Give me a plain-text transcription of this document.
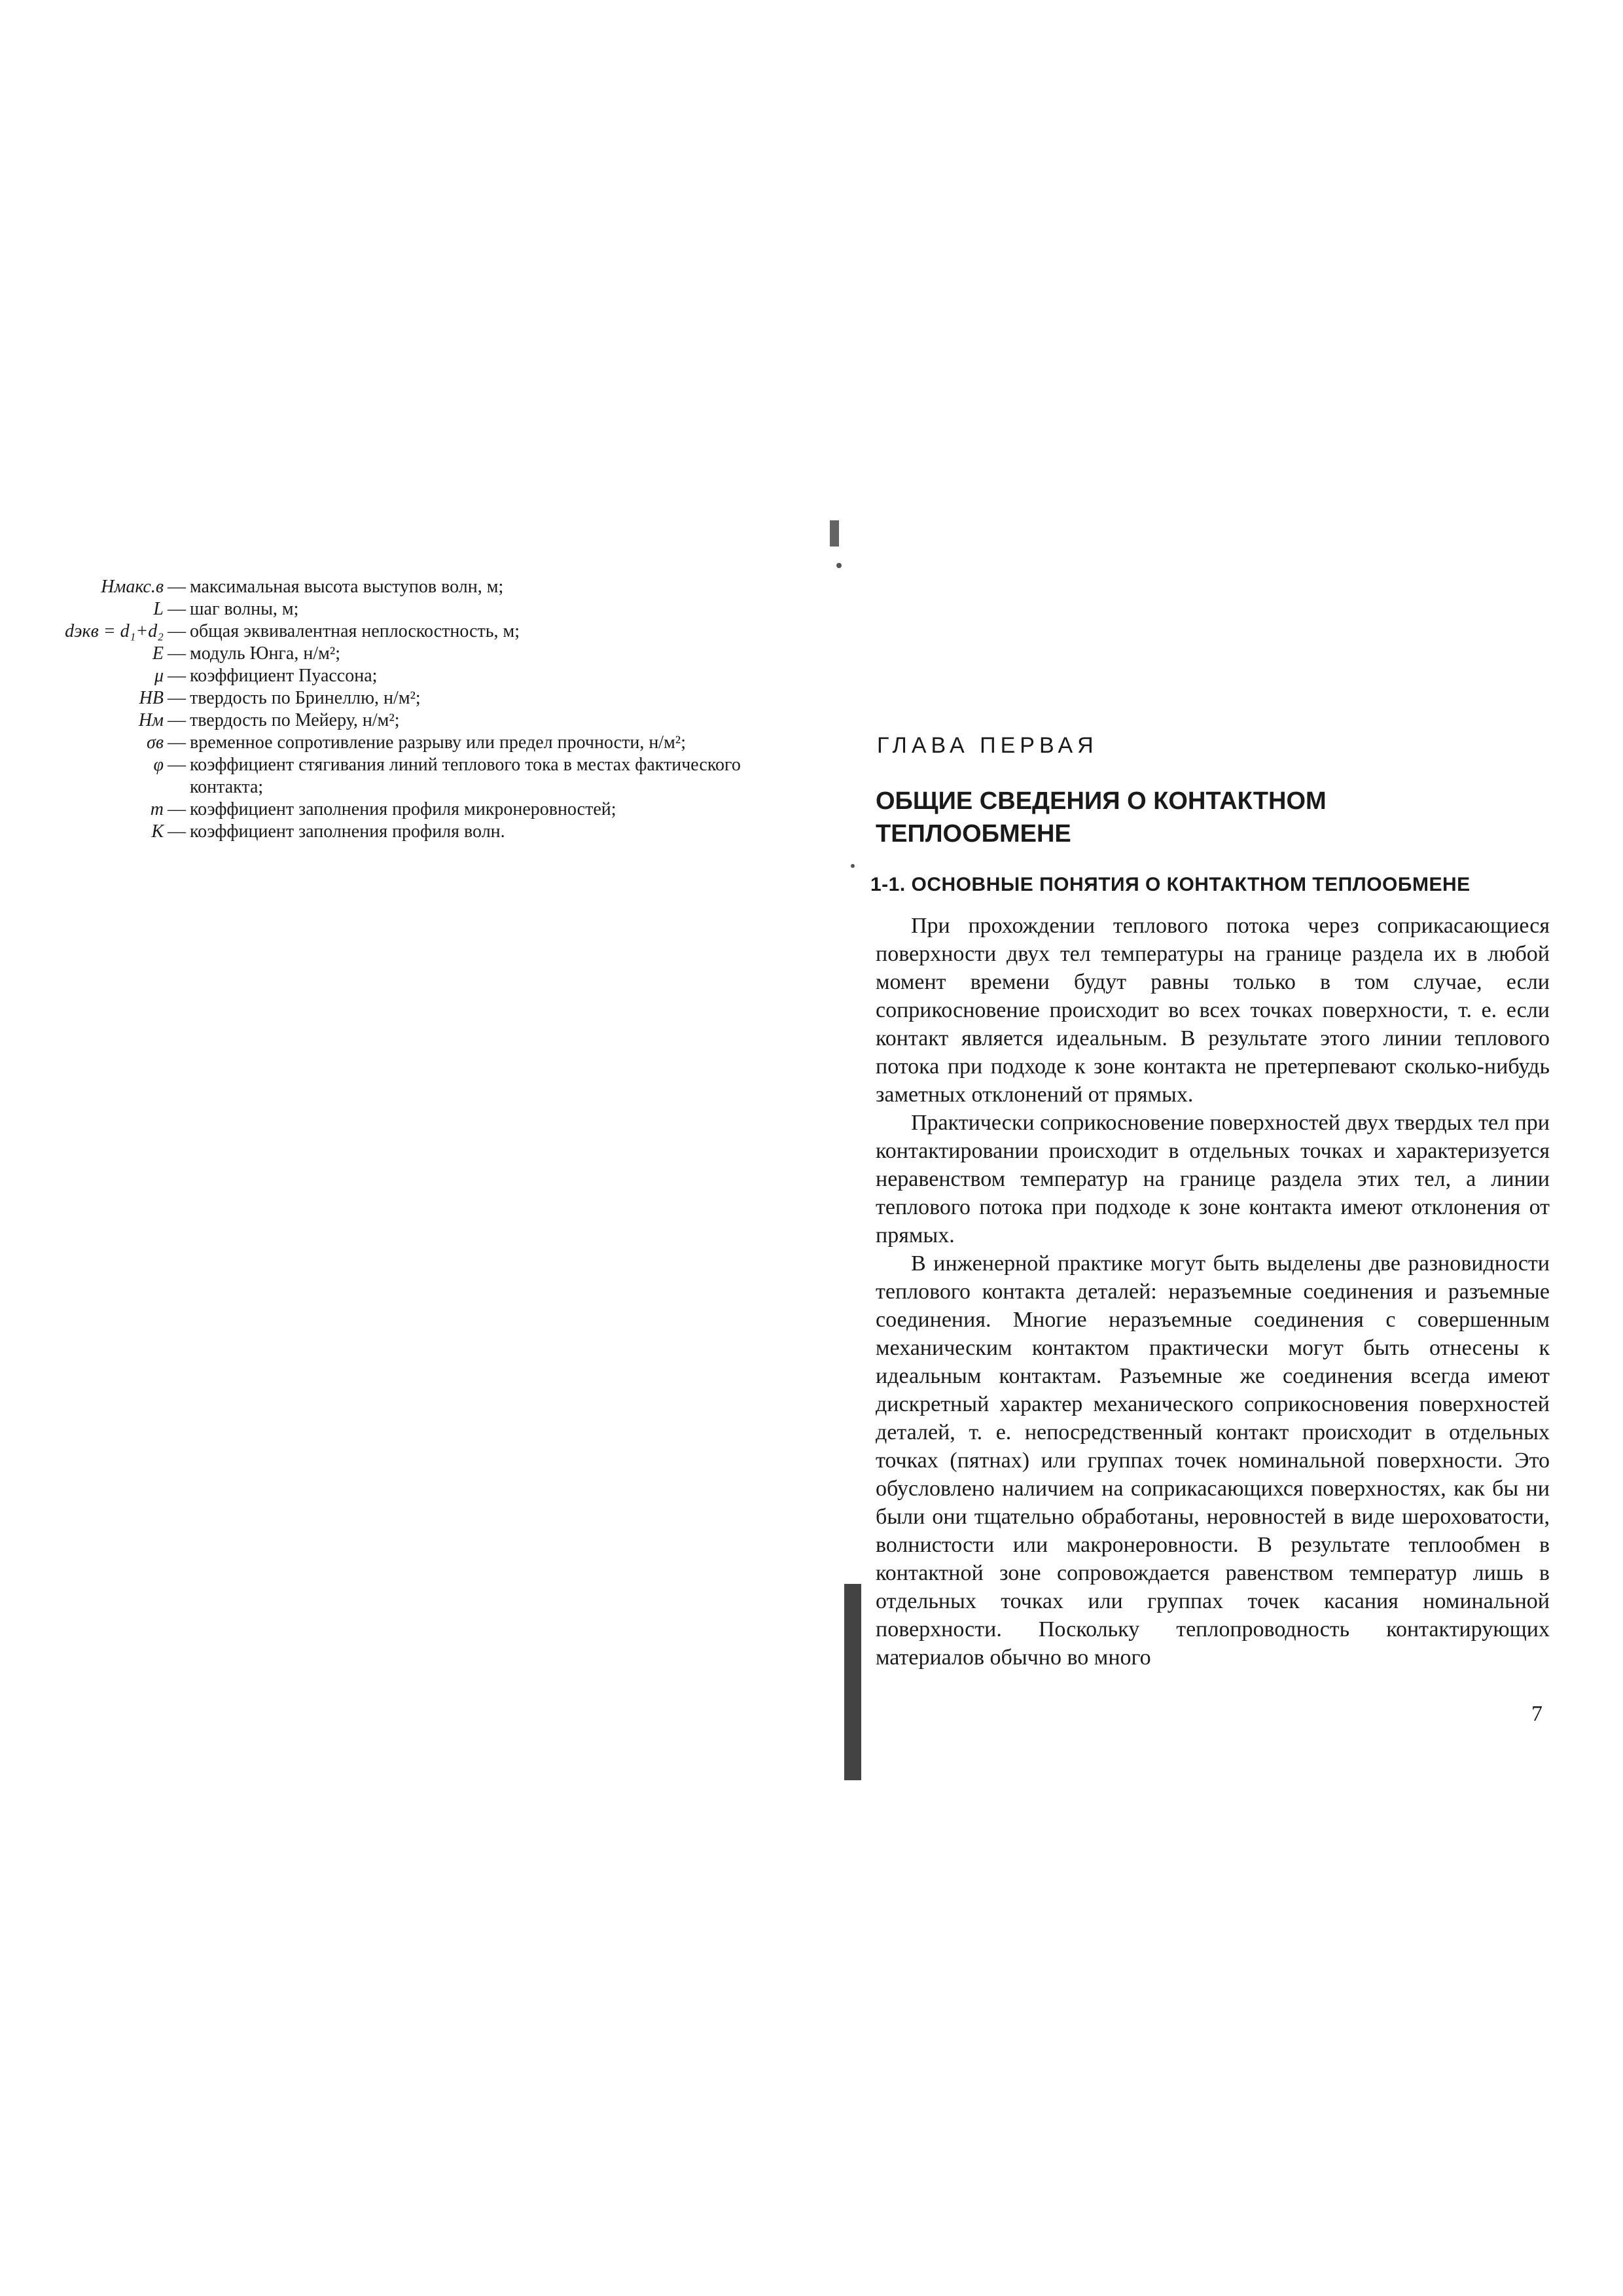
Hмакс.в — максимальная высота выступов волн, м;
L — шаг волны, м;
dэкв = d₁+d₂ — общая эквивалентная неплоскостность, м;
E — модуль Юнга, н/м²;
μ — коэффициент Пуассона;
HB — твердость по Бринеллю, н/м²;
Hм — твердость по Мейеру, н/м²;
σв — временное сопротивление разрыву или предел прочности, н/м²;
φ — коэффициент стягивания линий теплового тока в местах фактического контакта;
m — коэффициент заполнения профиля микронеровностей;
K — коэффициент заполнения профиля волн.
ГЛАВА ПЕРВАЯ
ОБЩИЕ СВЕДЕНИЯ О КОНТАКТНОМ
ТЕПЛООБМЕНЕ
1-1. ОСНОВНЫЕ ПОНЯТИЯ О КОНТАКТНОМ ТЕПЛООБМЕНЕ

При прохождении теплового потока через соприкасающиеся поверхности двух тел температуры на границе раздела их в любой момент времени будут равны только в том случае, если соприкосновение происходит во всех точках поверхности, т. е. если контакт является идеальным. В результате этого линии теплового потока при подходе к зоне контакта не претерпевают сколько-нибудь заметных отклонений от прямых.

Практически соприкосновение поверхностей двух твердых тел при контактировании происходит в отдельных точках и характеризуется неравенством температур на границе раздела этих тел, а линии теплового потока при подходе к зоне контакта имеют отклонения от прямых.

В инженерной практике могут быть выделены две разновидности теплового контакта деталей: неразъемные соединения и разъемные соединения. Многие неразъемные соединения с совершенным механическим контактом практически могут быть отнесены к идеальным контактам. Разъемные же соединения всегда имеют дискретный характер механического соприкосновения поверхностей деталей, т. е. непосредственный контакт происходит в отдельных точках (пятнах) или группах точек номинальной поверхности. Это обусловлено наличием на соприкасающихся поверхностях, как бы ни были они тщательно обработаны, неровностей в виде шероховатости, волнистости или макронеровности. В результате теплообмен в контактной зоне сопровождается равенством температур лишь в отдельных точках или группах точек касания номинальной поверхности. Поскольку теплопроводность контактирующих материалов обычно во много

7
